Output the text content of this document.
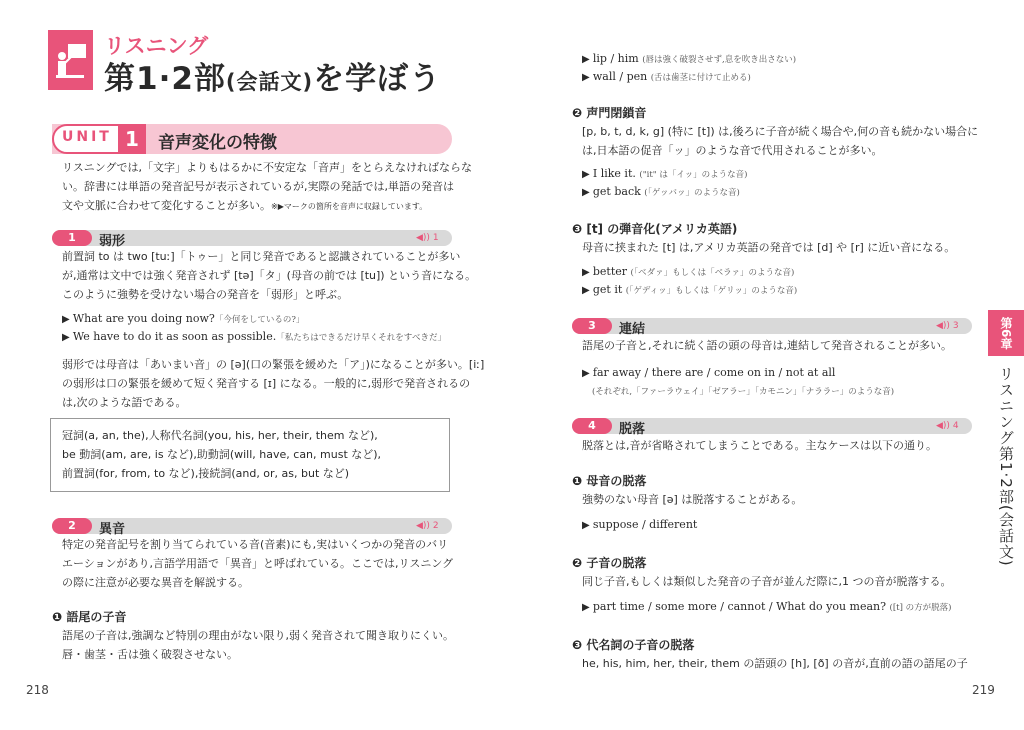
リスニング
第1·2部(会話文)を学ぼう
UNIT 1	音声変化の特徴
リスニングでは,「文字」よりもはるかに不安定な「音声」をとらえなければならな
い。辞書には単語の発音記号が表示されているが,実際の発話では,単語の発音は
文や文脈に合わせて変化することが多い。※▶マークの箇所を音声に収録しています。
1	弱形	◀)) 1
前置詞 to は two [tuː]「トゥー」と同じ発音であると認識されていることが多い
が,通常は文中では強く発音されず [tə]「タ」(母音の前では [tu]) という音になる。
このように強勢を受けない場合の発音を「弱形」と呼ぶ。
▶ What are you doing now?「今何をしているの?」
▶ We have to do it as soon as possible.「私たちはできるだけ早くそれをすべきだ」
弱形では母音は「あいまい音」の [ə](口の緊張を緩めた「ア」)になることが多い。[iː]
の弱形は口の緊張を緩めて短く発音する [ɪ] になる。一般的に,弱形で発音されるの
は,次のような語である。
冠詞(a, an, the),人称代名詞(you, his, her, their, them など),
be 動詞(am, are, is など),助動詞(will, have, can, must など),
前置詞(for, from, to など),接続詞(and, or, as, but など)
2	異音	◀)) 2
特定の発音記号を割り当てられている音(音素)にも,実はいくつかの発音のバリ
エーションがあり,言語学用語で「異音」と呼ばれている。ここでは,リスニング
の際に注意が必要な異音を解説する。
❶ 語尾の子音
語尾の子音は,強調など特別の理由がない限り,弱く発音されて聞き取りにくい。
唇・歯茎・舌は強く破裂させない。
218
▶ lip / him (唇は強く破裂させず,息を吹き出さない)
▶ wall / pen (舌は歯茎に付けて止める)
❷ 声門閉鎖音
[p, b, t, d, k, g] (特に [t]) は,後ろに子音が続く場合や,何の音も続かない場合に
は,日本語の促音「ッ」のような音で代用されることが多い。
▶ I like it. ("it" は「イッ」のような音)
▶ get back (「ゲッバッ」のような音)
❸ [t] の弾音化(アメリカ英語)
母音に挟まれた [t] は,アメリカ英語の発音では [d] や [r] に近い音になる。
▶ better (「ベダァ」もしくは「ベラァ」のような音)
▶ get it (「ゲディッ」もしくは「ゲリッ」のような音)
3	連結	◀)) 3
語尾の子音と,それに続く語の頭の母音は,連結して発音されることが多い。
▶ far away / there are / come on in / not at all
(それぞれ,「ファーラウェイ」「ゼアラー」「カモニン」「ナララー」のような音)
4	脱落	◀)) 4
脱落とは,音が省略されてしまうことである。主なケースは以下の通り。
❶ 母音の脱落
強勢のない母音 [ə] は脱落することがある。
▶ suppose / different
❷ 子音の脱落
同じ子音,もしくは類似した発音の子音が並んだ際に,1 つの音が脱落する。
▶ part time / some more / cannot / What do you mean? ([t] の方が脱落)
❸ 代名詞の子音の脱落
he, his, him, her, their, them の語頭の [h], [ð] の音が,直前の語の語尾の子
第6章
リスニング第1·2部(会話文)
219
